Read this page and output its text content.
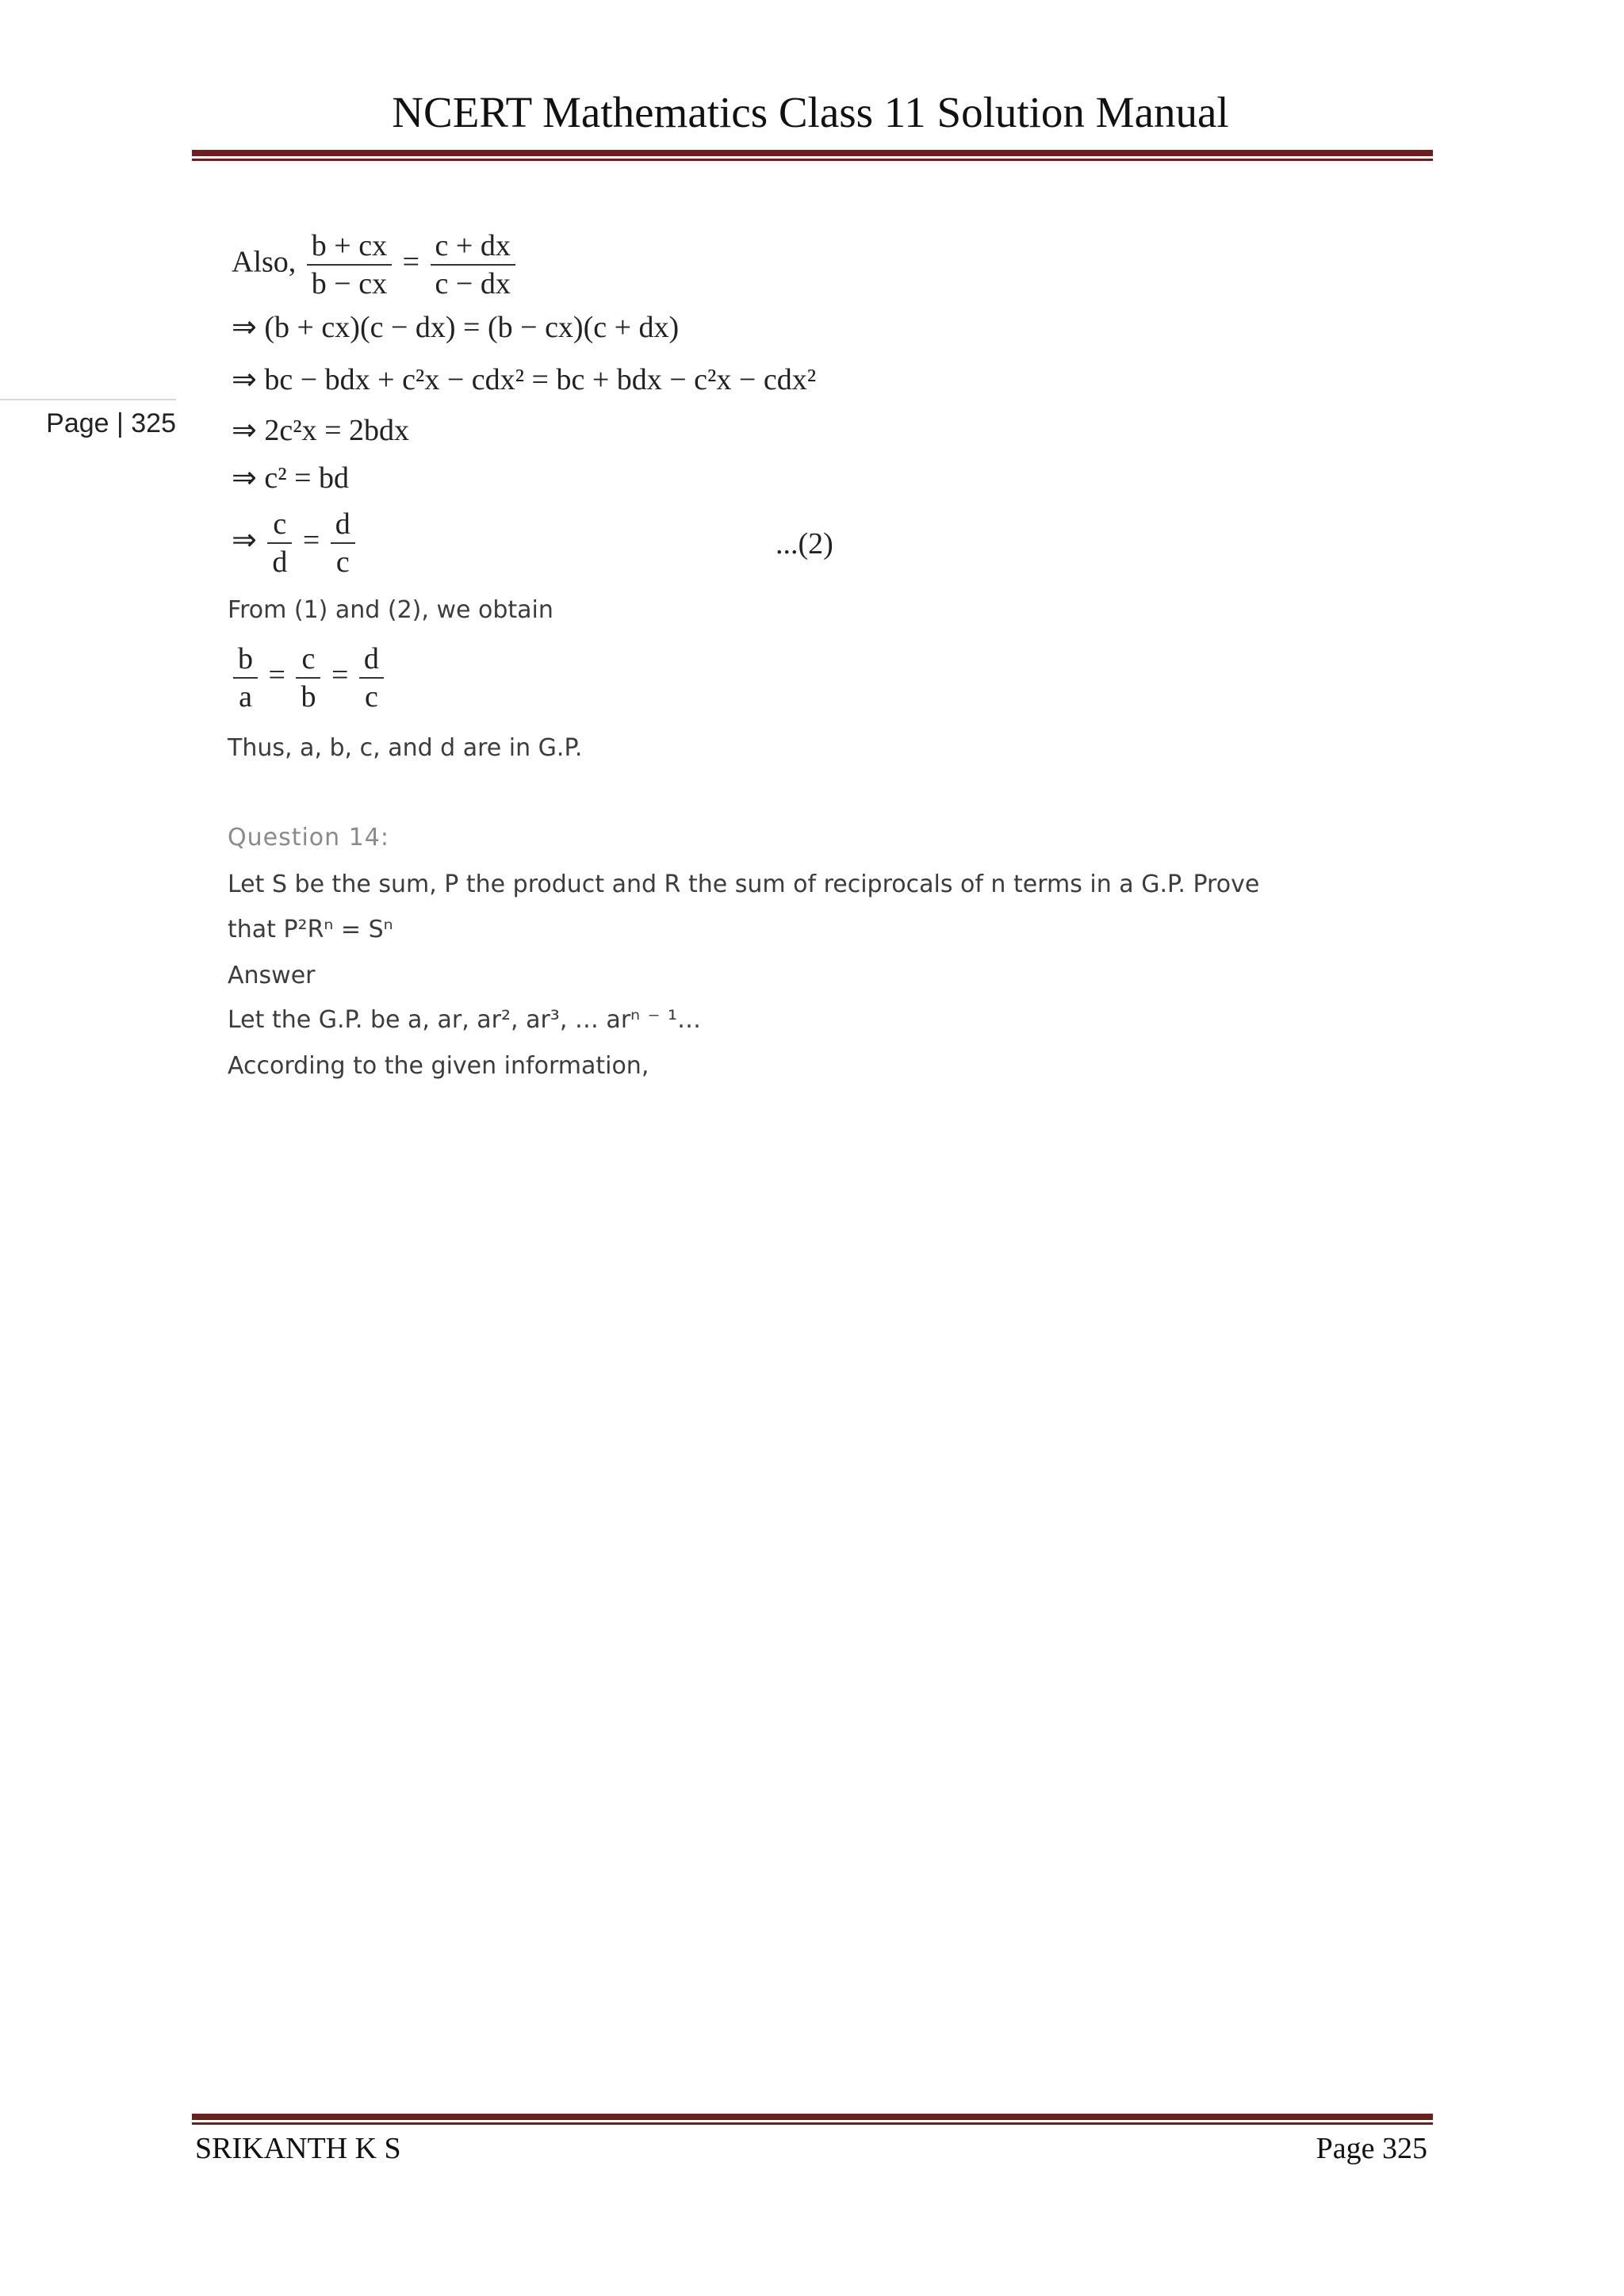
NCERT Mathematics Class 11 Solution Manual
Page | 325
Also, $\frac{b + cx}{b - cx} = \frac{c + dx}{c - dx}$
⇒ (b + cx)(c − dx) = (b − cx)(c + dx)
⇒ bc − bdx + c²x − cdx² = bc + bdx − c²x − cdx²
⇒ 2c²x = 2bdx
⇒ c² = bd
⇒ $\frac{c}{d} = \frac{d}{c}$	...(2)
From (1) and (2), we obtain
$\frac{b}{a} = \frac{c}{b} = \frac{d}{c}$
Thus, a, b, c, and d are in G.P.
Question 14:
Let S be the sum, P the product and R the sum of reciprocals of n terms in a G.P. Prove
that P²Rⁿ = Sⁿ
Answer
Let the G.P. be a, ar, ar², ar³, … arⁿ ⁻ ¹…
According to the given information,
SRIKANTH K S	Page 325
